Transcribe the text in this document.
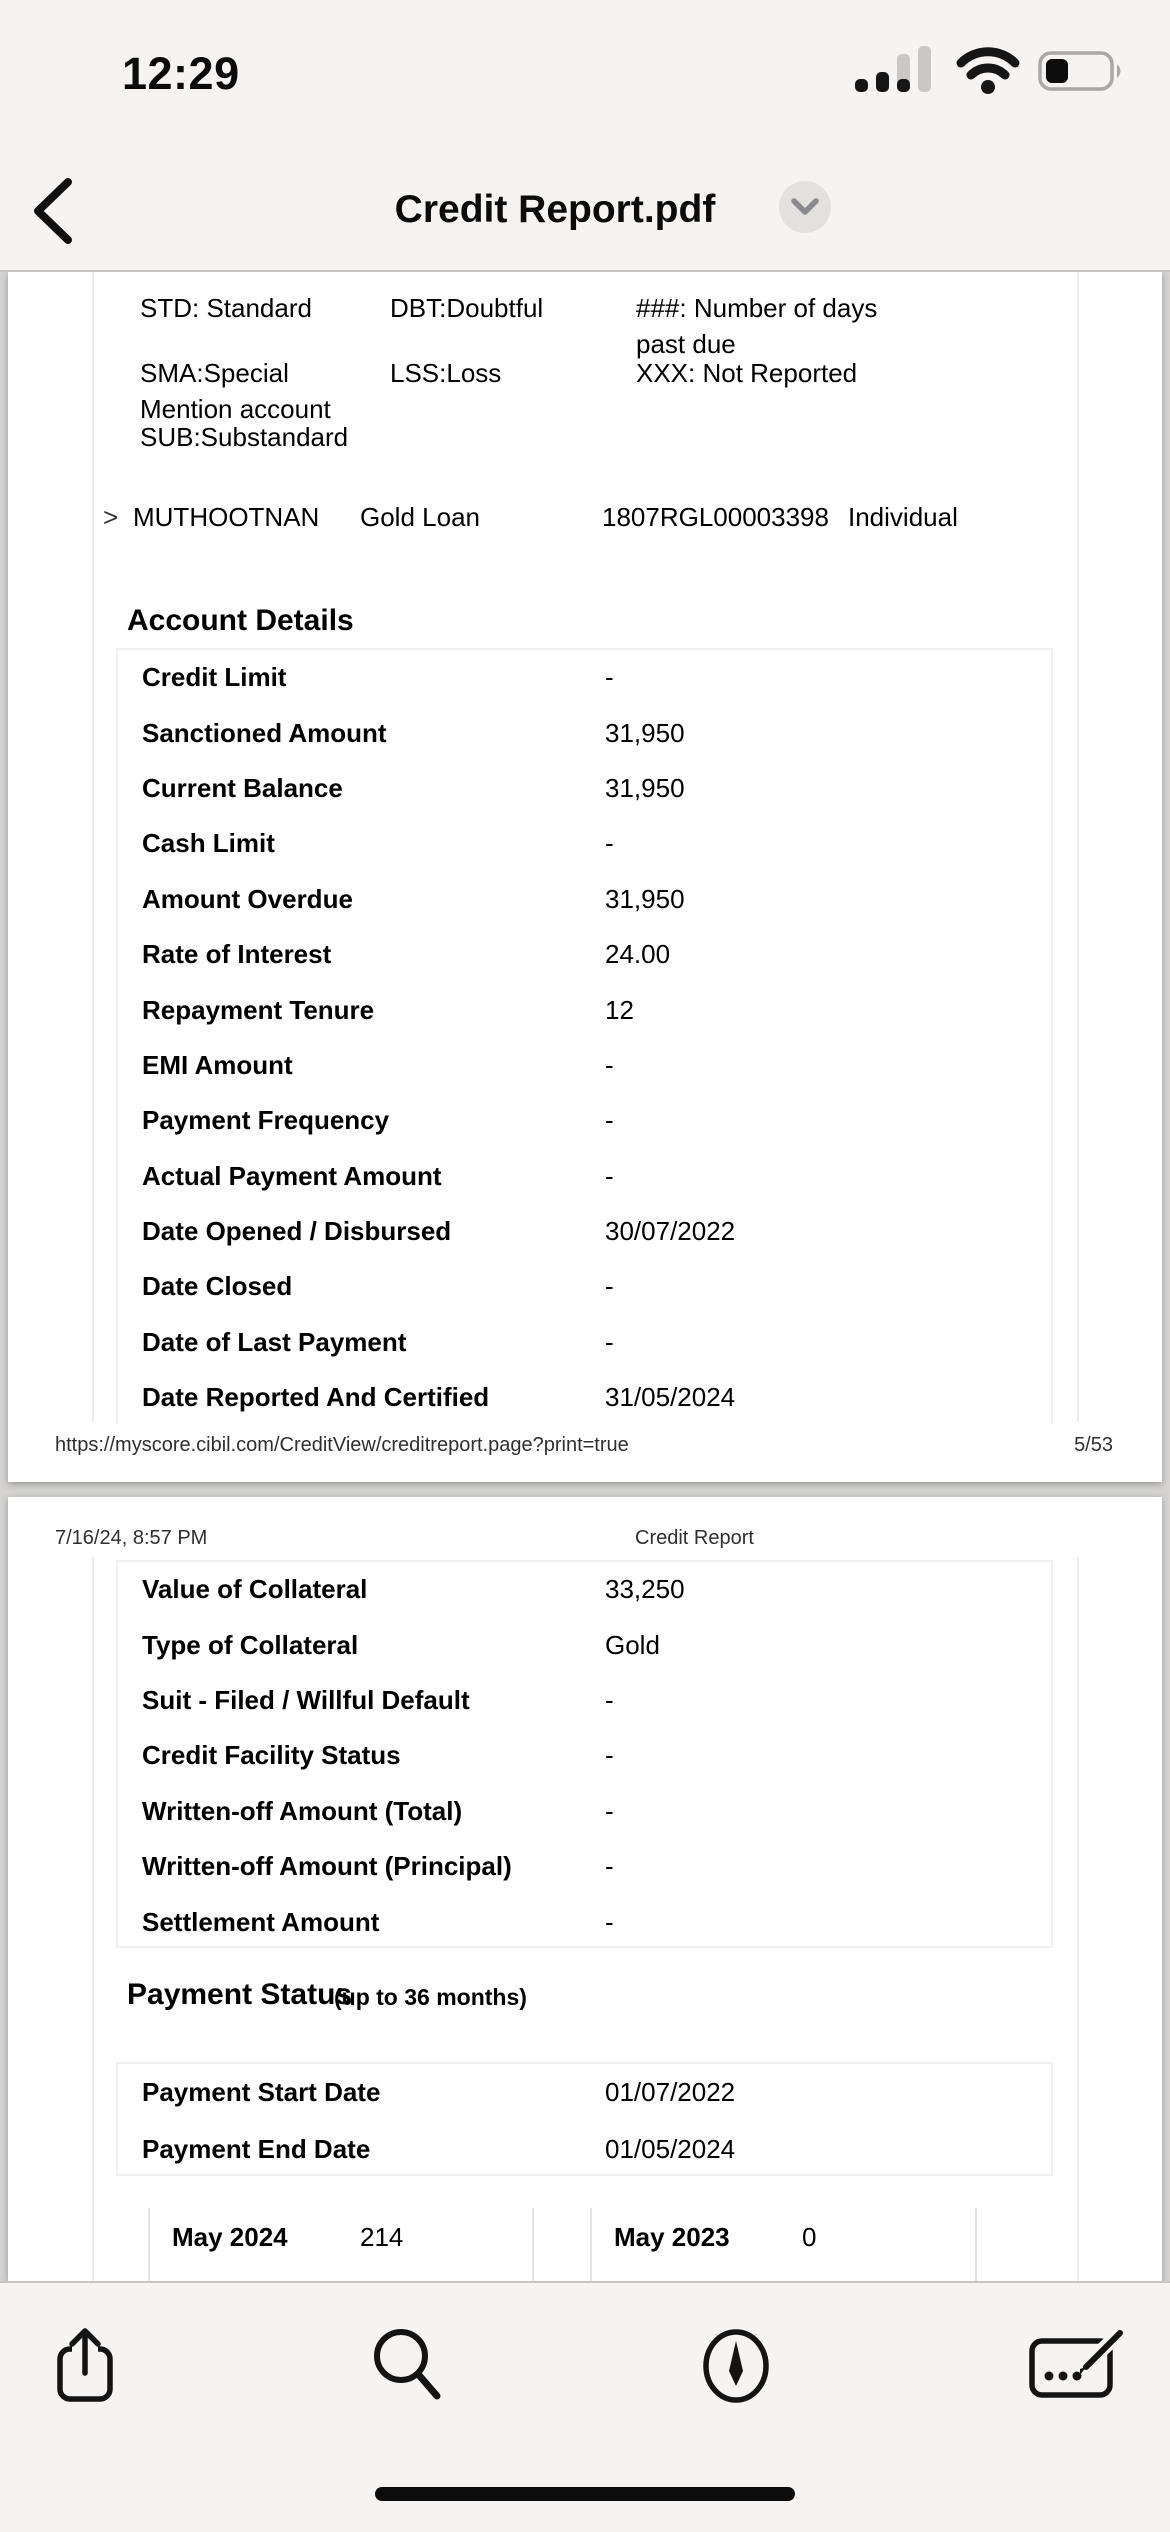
12:29
Credit Report.pdf
STD: Standard	DBT:Doubtful	###: Number of days past due
SMA:Special Mention account
LSS:Loss	XXX: Not Reported
SUB:Substandard
> MUTHOOTNAN Gold Loan	1807RGL00003398 Individual
Account Details
Credit Limit	-
Sanctioned Amount	31,950
Current Balance	31,950
Cash Limit	-
Amount Overdue	31,950
Rate of Interest	24.00
Repayment Tenure	12
EMI Amount	-
Payment Frequency	-
Actual Payment Amount	-
Date Opened / Disbursed	30/07/2022
Date Closed	-
Date of Last Payment	-
Date Reported And Certified	31/05/2024
https://myscore.cibil.com/CreditView/creditreport.page?print=true	5/53
7/16/24, 8:57 PM	Credit Report
Value of Collateral	33,250
Type of Collateral	Gold
Suit - Filed / Willful Default	-
Credit Facility Status	-
Written-off Amount (Total)	-
Written-off Amount (Principal)	-
Settlement Amount	-
Payment Status
(up to 36 months)
Payment Start Date	01/07/2022
Payment End Date	01/05/2024
May 2024	214	May 2023	0
